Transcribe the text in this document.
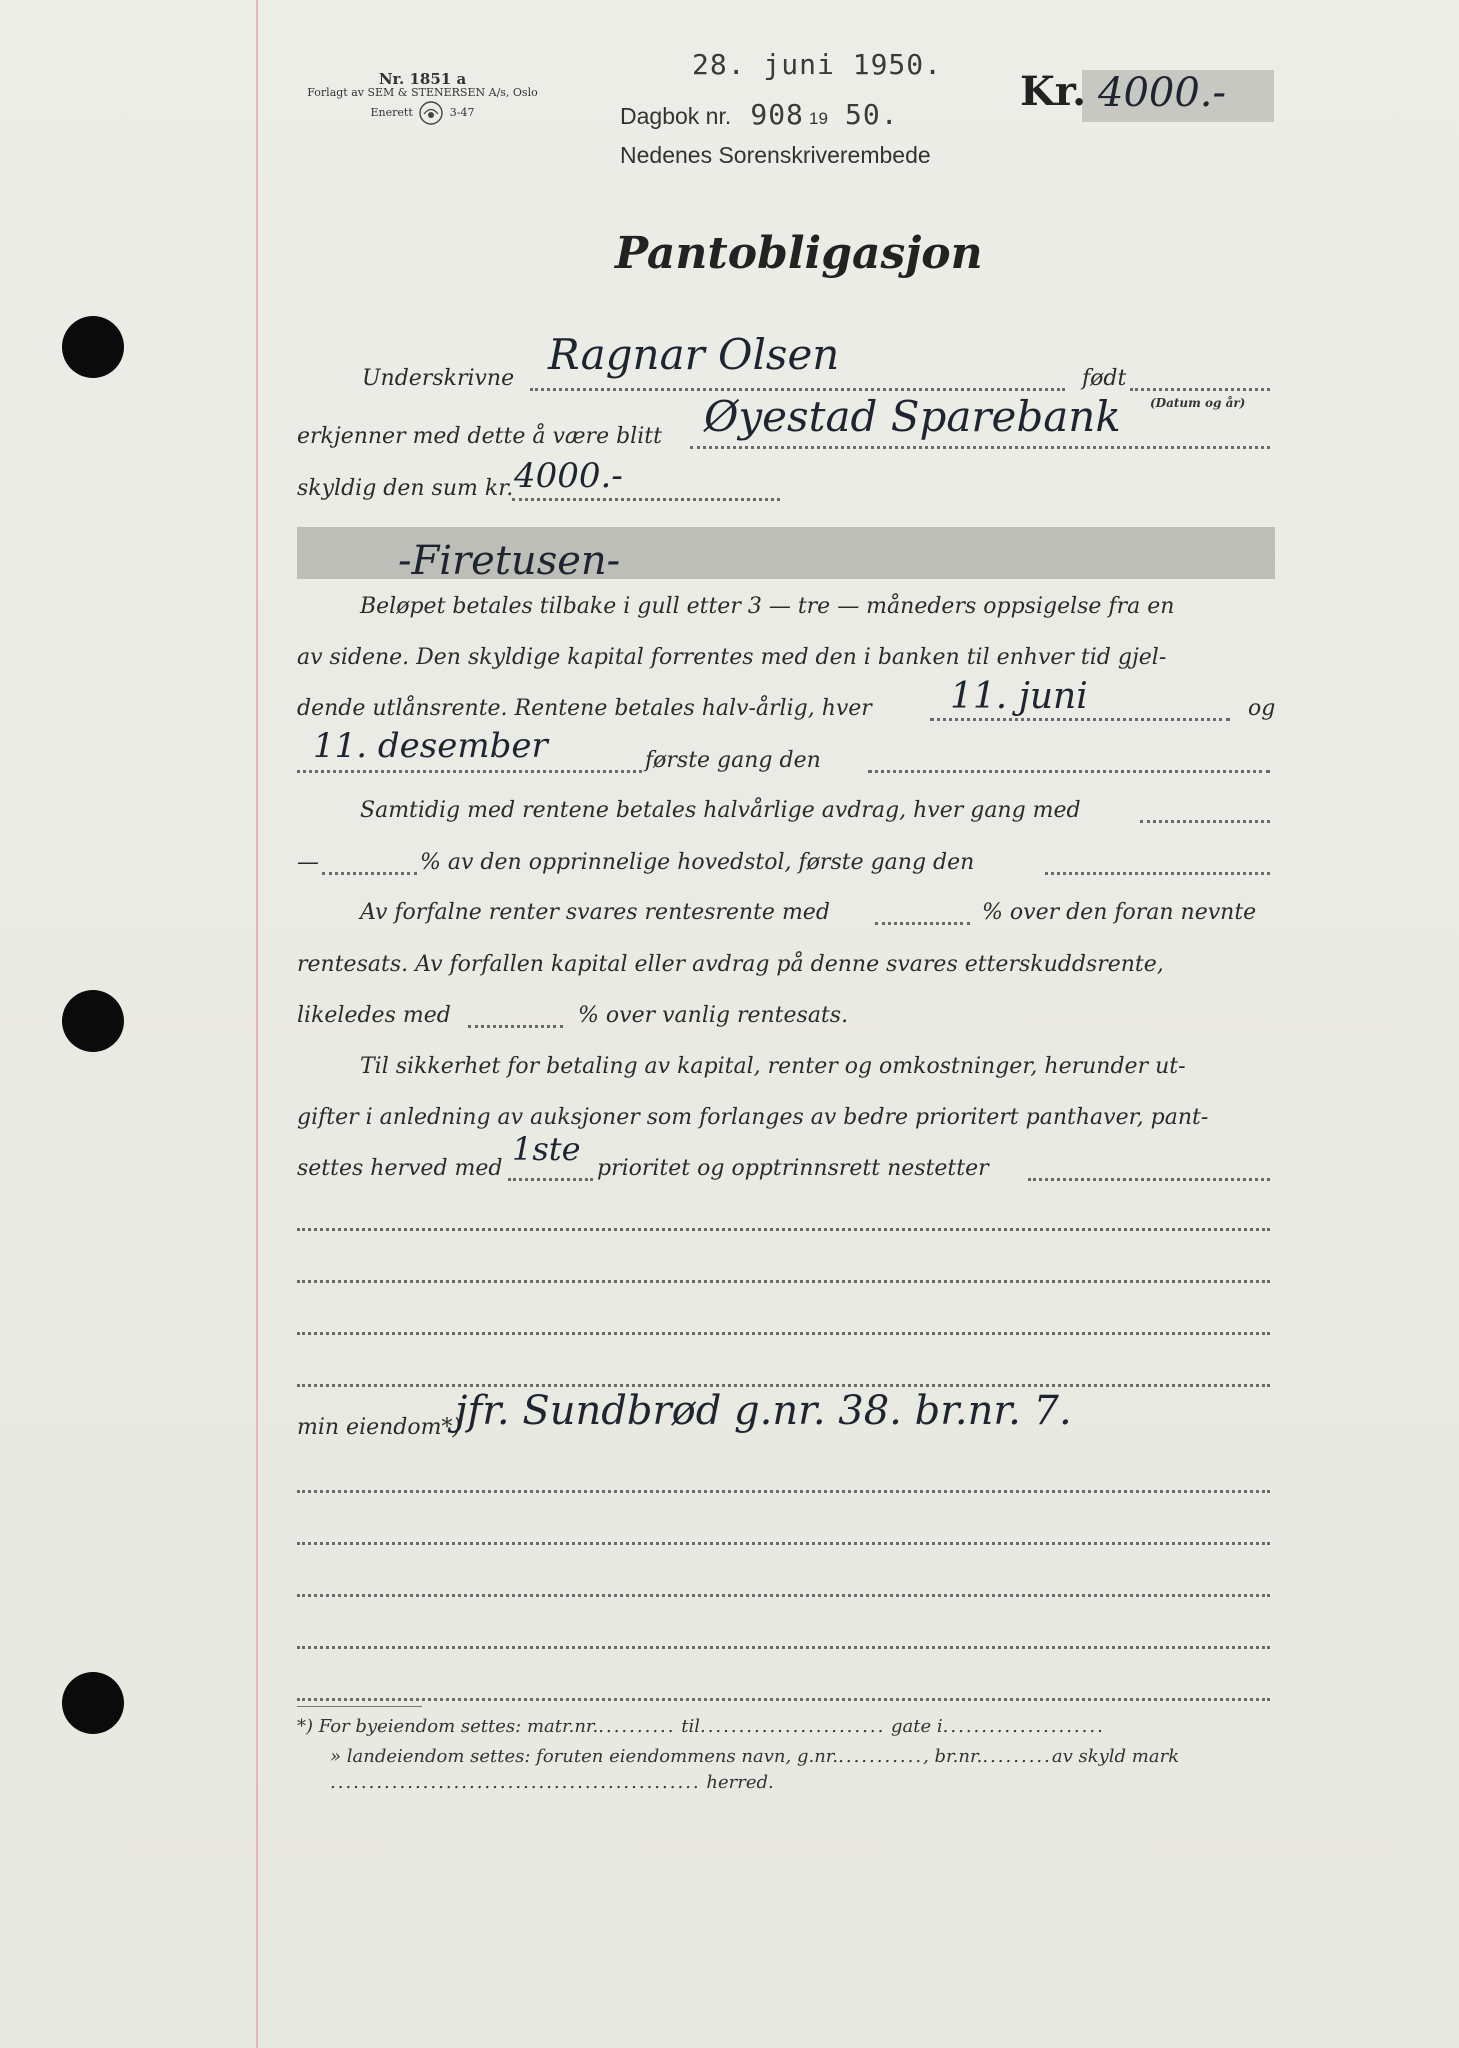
Nr. 1851 a
Forlagt av SEM & STENERSEN A/s, Oslo
Enerett	3-47
28. juni 1950.
Dagbok nr. 908 19 50.
Nedenes Sorenskriverembede
Kr. 4000.-
Pantobligasjon
Underskrivne Ragnar Olsen	født
(Datum og år)
erkjenner med dette å være blitt Øyestad Sparebank
skyldig den sum kr. 4000.-
-Firetusen-
Beløpet betales tilbake i gull etter 3 — tre — måneders oppsigelse fra en
av sidene. Den skyldige kapital forrentes med den i banken til enhver tid gjel-
dende utlånsrente. Rentene betales halv-årlig, hver 11. juni	og
11. desember	første gang den
Samtidig med rentene betales halvårlige avdrag, hver gang med
—	% av den opprinnelige hovedstol, første gang den
Av forfalne renter svares rentesrente med	% over den foran nevnte
rentesats. Av forfallen kapital eller avdrag på denne svares etterskuddsrente,
likeledes med	% over vanlig rentesats.
Til sikkerhet for betaling av kapital, renter og omkostninger, herunder ut-
gifter i anledning av auksjoner som forlanges av bedre prioritert panthaver, pant-
settes herved med
1ste
prioritet og opptrinnsrett nestetter
min eiendom*)
jfr. Sundbrød g.nr. 38. br.nr. 7.
*) For byeiendom settes: matr.nr........... til........................ gate i.....................
» landeiendom settes: foruten eiendommens navn, g.nr............, br.nr..........av skyld mark
................................................ herred.
